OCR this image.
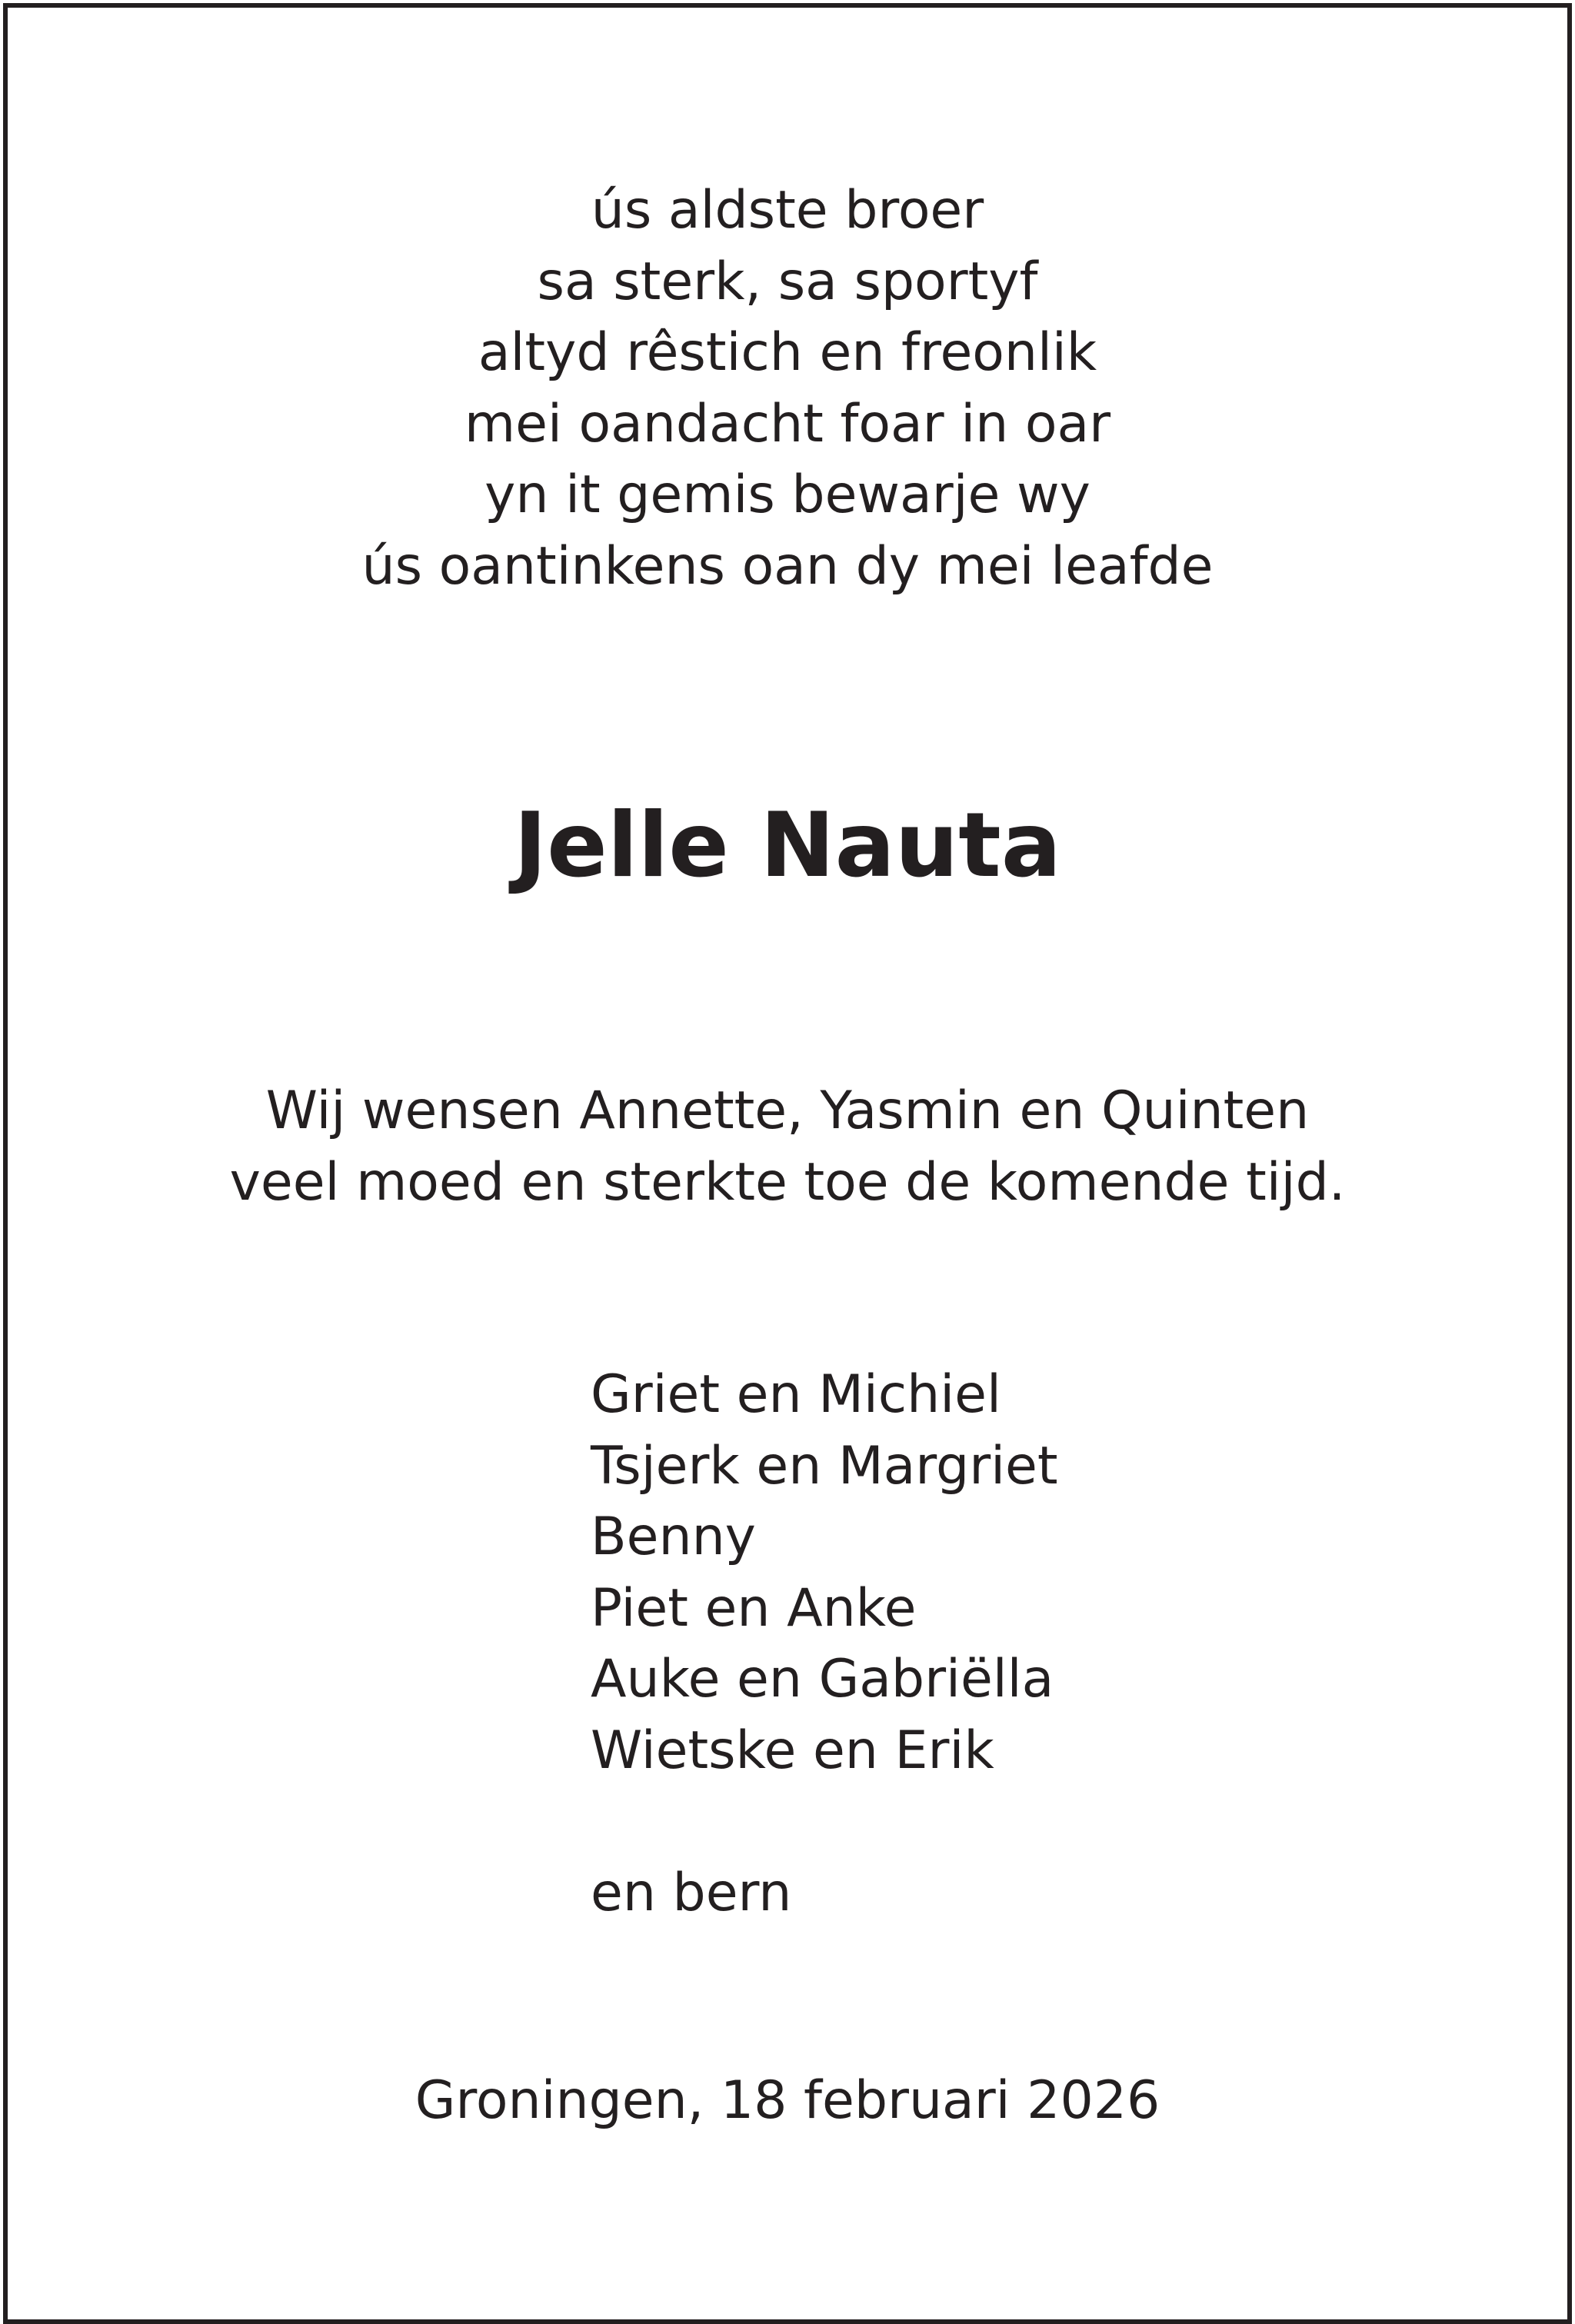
ús aldste broer
sa sterk, sa sportyf
altyd rêstich en freonlik
mei oandacht foar in oar
yn it gemis bewarje wy
ús oantinkens oan dy mei leafde
Jelle Nauta
Wij wensen Annette, Yasmin en Quinten
veel moed en sterkte toe de komende tijd.
Griet en Michiel
Tsjerk en Margriet
Benny
Piet en Anke
Auke en Gabriëlla
Wietske en Erik
en bern
Groningen, 18 februari 2026
